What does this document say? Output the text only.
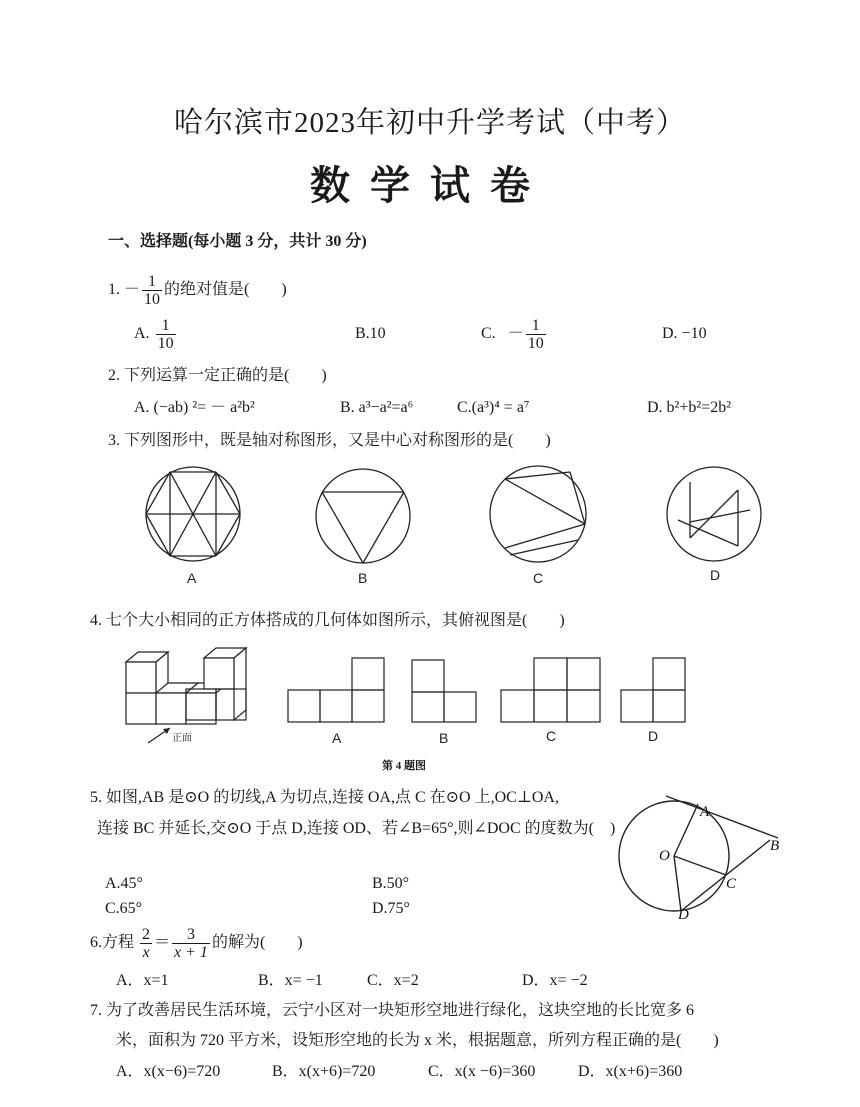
哈尔滨市2023年初中升学考试（中考）
数学试卷
一、选择题(每小题 3 分，共计 30 分)
1. － $\frac{1}{10}$ 的绝对值是(　　)
A. $\frac{1}{10}$	B.10	C. － $\frac{1}{10}$	D. −10
2. 下列运算一定正确的是(　　)
A. (−ab) ²= － a²b²	B. a³−a²=a⁶	C.(a³)⁴ = a⁷	D. b²+b²=2b²
3. 下列图形中，既是轴对称图形，又是中心对称图形的是(　　)
A	B	C	D
4. 七个大小相同的正方体搭成的几何体如图所示，其俯视图是(　　)
正面	A	B	C	D
第 4 题图
5. 如图,AB 是⊙O 的切线,A 为切点,连接 OA,点 C 在⊙O 上,OC⊥OA,
连接 BC 并延长,交⊙O 于点 D,连接 OD、若∠B=65°,则∠DOC 的度数为(　)
A.45°	B.50°
C.65°	D.75°
A
B
O
C
D
6.方程 $\frac{2}{x} = \frac{3}{x + 1}$ 的解为(　　)
A．x=1	B．x= −1	C．x=2	D．x= −2
7. 为了改善居民生活环境，云宁小区对一块矩形空地进行绿化，这块空地的长比宽多 6
米，面积为 720 平方米，设矩形空地的长为 x 米，根据题意，所列方程正确的是(　　)
A．x(x−6)=720	B．x(x+6)=720	C．x(x −6)=360	D．x(x+6)=360
